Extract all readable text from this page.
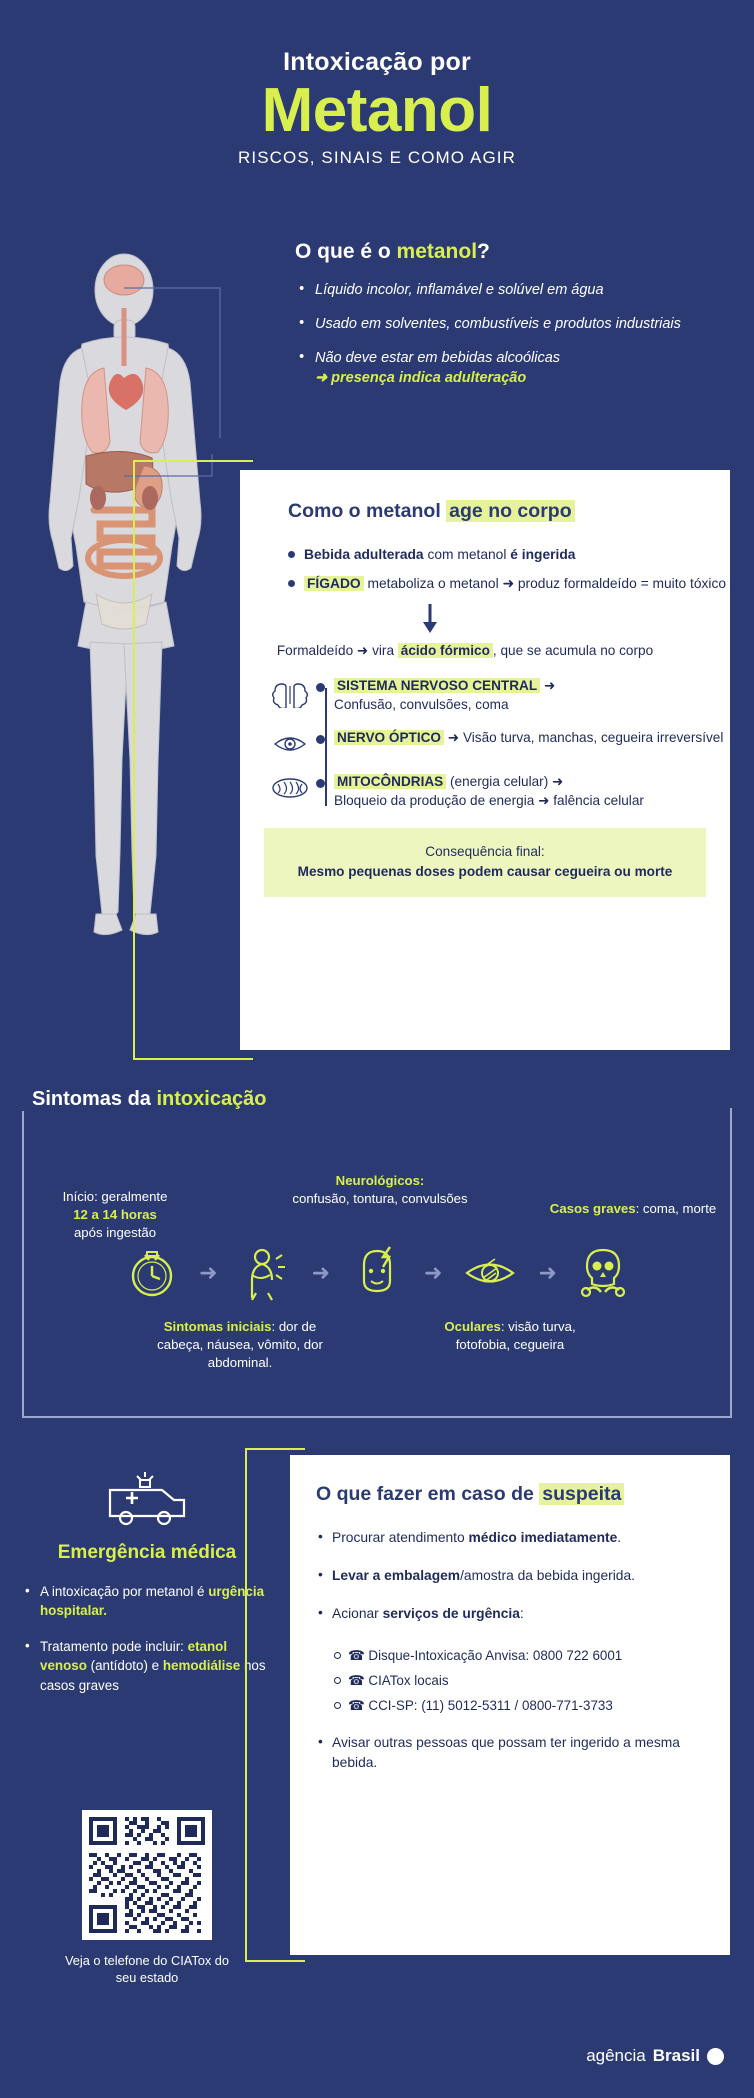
Intoxicação por
Metanol
RISCOS, SINAIS E COMO AGIR
O que é o metanol?
• Líquido incolor, inflamável e solúvel em água
• Usado em solventes, combustíveis e produtos industriais
• Não deve estar em bebidas alcoólicas
➜ presença indica adulteração
Como o metanol age no corpo
Bebida adulterada com metanol é ingerida
FÍGADO metaboliza o metanol ➜ produz formaldeído = muito tóxico
Formaldeído ➜ vira ácido fórmico , que se acumula no corpo
SISTEMA NERVOSO CENTRAL ➜
Confusão, convulsões, coma
NERVO ÓPTICO ➜ Visão turva, manchas, cegueira irreversível
MITOCÔNDRIAS (energia celular) ➜
Bloqueio da produção de energia ➜ falência celular
Consequência final:
Mesmo pequenas doses podem causar cegueira ou morte
Sintomas da intoxicação
Início: geralmente
12 a 14 horas
após ingestão
Neurológicos:
confusão, tontura, convulsões
Casos graves: coma, morte
➜	➜	➜	➜
Sintomas iniciais: dor de cabeça, náusea, vômito, dor abdominal.
Oculares: visão turva, fotofobia, cegueira
Emergência médica
• A intoxicação por metanol é urgência hospitalar.
• Tratamento pode incluir: etanol venoso (antídoto) e hemodiálise nos casos graves
O que fazer em caso de suspeita
• Procurar atendimento médico imediatamente.
• Levar a embalagem/amostra da bebida ingerida.
• Acionar serviços de urgência:
☎ Disque-Intoxicação Anvisa: 0800 722 6001
☎ CIATox locais
☎ CCI-SP: (11) 5012-5311 / 0800-771-3733
• Avisar outras pessoas que possam ter ingerido a mesma bebida.
Veja o telefone do CIATox do seu estado
agência Brasil
